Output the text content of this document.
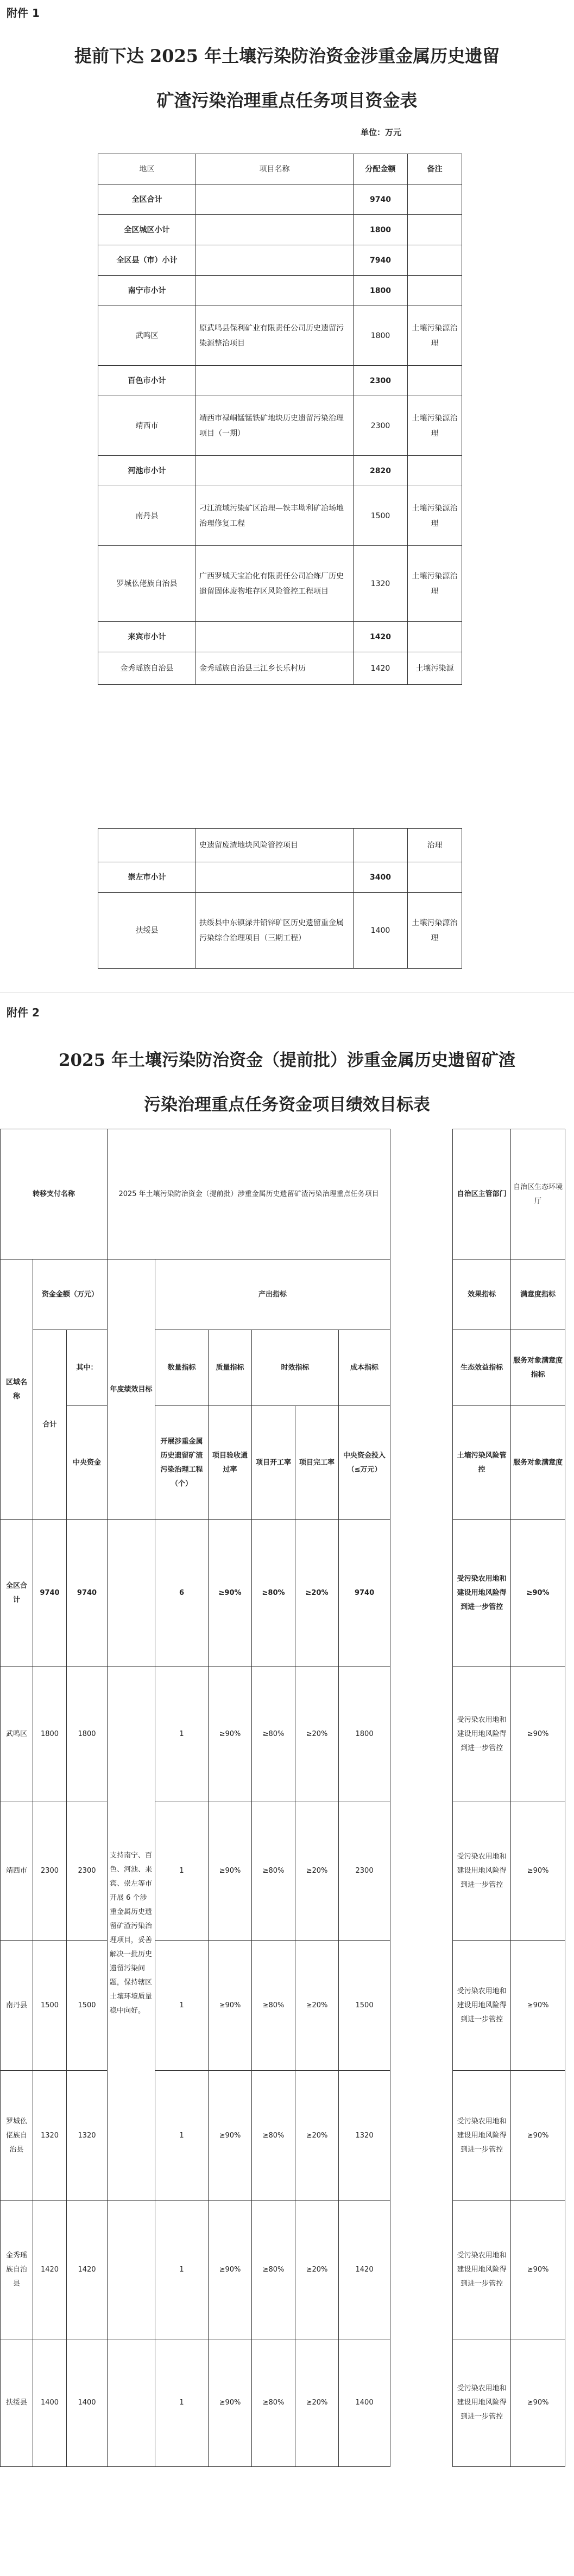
附件 1
提前下达 2025 年土壤污染防治资金涉重金属历史遗留
矿渣污染治理重点任务项目资金表
单位：万元
地区	项目名称	分配金额	备注
全区合计		9740	
全区城区小计		1800	
全区县（市）小计		7940	
南宁市小计		1800	
武鸣区	原武鸣县保利矿业有限责任公司历史遗留污染源整治项目	1800	土壤污染源治理
百色市小计		2300	
靖西市	靖西市禄峒锰锰铁矿地块历史遗留污染治理项目（一期）	2300	土壤污染源治理
河池市小计		2820	
南丹县	刁江流域污染矿区治理—铁丰坳利矿冶场地治理修复工程	1500	土壤污染源治理
罗城仫佬族自治县	广西罗城天宝冶化有限责任公司冶炼厂历史遗留固体废物堆存区风险管控工程项目	1320	土壤污染源治理
来宾市小计		1420	
金秀瑶族自治县	金秀瑶族自治县三江乡长乐村历	1420	土壤污染源
	史遗留废渣地块风险管控项目		治理
崇左市小计		3400	
扶绥县	扶绥县中东镇渌井铅锌矿区历史遗留重金属污染综合治理项目（三期工程）	1400	土壤污染源治理
附件 2
2025 年土壤污染防治资金（提前批）涉重金属历史遗留矿渣
污染治理重点任务资金项目绩效目标表
转移支付名称			2025 年土壤污染防治资金（提前批）涉重金属历史遗留矿渣污染治理重点任务项目							自治区主管部门	自治区生态环境厅
区域名称	资金金额（万元）		年度绩效目标	产出指标						效果指标	满意度指标
	合计	其中：		数量指标	质量指标	时效指标		成本指标		生态效益指标	服务对象满意度指标
		中央资金		开展涉重金属历史遗留矿渣污染治理工程（个）	项目验收通过率	项目开工率	项目完工率	中央资金投入（≤万元）		土壤污染风险管控	服务对象满意度
全区合计	9740	9740		6	≥90%	≥80%	≥20%	9740		受污染农用地和建设用地风险得到进一步管控	≥90%
武鸣区	1800	1800	支持南宁、百色、河池、来宾、崇左等市开展 6 个涉重金属历史遗留矿渣污染治理项目，妥善解决一批历史遗留污染问题，保持辖区土壤环境质量稳中向好。	1	≥90%	≥80%	≥20%	1800		受污染农用地和建设用地风险得到进一步管控	≥90%
靖西市	2300	2300		1	≥90%	≥80%	≥20%	2300		受污染农用地和建设用地风险得到进一步管控	≥90%
南丹县	1500	1500		1	≥90%	≥80%	≥20%	1500		受污染农用地和建设用地风险得到进一步管控	≥90%
罗城仫佬族自治县	1320	1320		1	≥90%	≥80%	≥20%	1320		受污染农用地和建设用地风险得到进一步管控	≥90%
金秀瑶族自治县	1420	1420		1	≥90%	≥80%	≥20%	1420		受污染农用地和建设用地风险得到进一步管控	≥90%
扶绥县	1400	1400		1	≥90%	≥80%	≥20%	1400		受污染农用地和建设用地风险得到进一步管控	≥90%
